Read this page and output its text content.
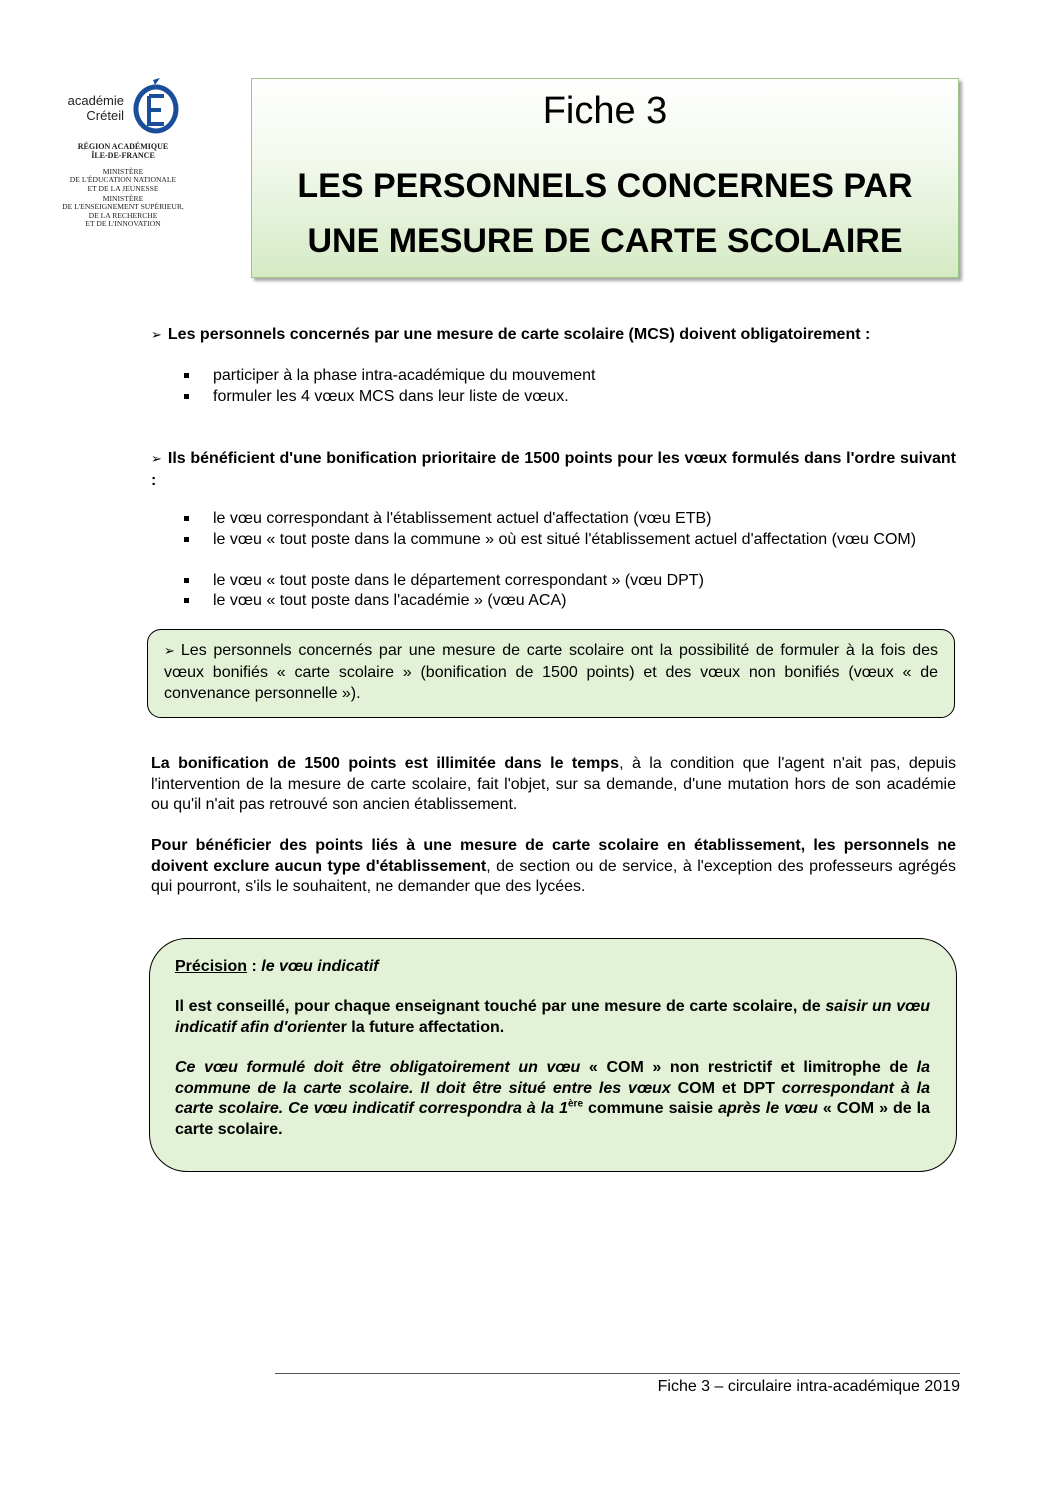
académie
Créteil
RÉGION ACADÉMIQUE
ÎLE-DE-FRANCE
MINISTÈRE
DE L'ÉDUCATION NATIONALE
ET DE LA JEUNESSE
MINISTÈRE
DE L'ENSEIGNEMENT SUPÉRIEUR,
DE LA RECHERCHE
ET DE L'INNOVATION
Fiche 3
LES PERSONNELS CONCERNES PAR
UNE MESURE DE CARTE SCOLAIRE
➢ Les personnels concernés par une mesure de carte scolaire (MCS) doivent obligatoirement :
participer à la phase intra-académique du mouvement
formuler les 4 vœux MCS dans leur liste de vœux.
➢ Ils bénéficient d'une bonification prioritaire de 1500 points pour les vœux formulés dans l'ordre suivant :
le vœu correspondant à l'établissement actuel d'affectation (vœu ETB)
le vœu « tout poste dans la commune » où est situé l'établissement actuel d'affectation (vœu COM)
le vœu « tout poste dans le département correspondant » (vœu DPT)
le vœu « tout poste dans l'académie » (vœu ACA)

➢ Les personnels concernés par une mesure de carte scolaire ont la possibilité de formuler à la fois des vœux bonifiés « carte scolaire » (bonification de 1500 points) et des vœux non bonifiés (vœux « de convenance personnelle »).

La bonification de 1500 points est illimitée dans le temps, à la condition que l'agent n'ait pas, depuis l'intervention de la mesure de carte scolaire, fait l'objet, sur sa demande, d'une mutation hors de son académie ou qu'il n'ait pas retrouvé son ancien établissement.
Pour bénéficier des points liés à une mesure de carte scolaire en établissement, les personnels ne doivent exclure aucun type d'établissement, de section ou de service, à l'exception des professeurs agrégés qui pourront, s'ils le souhaitent, ne demander que des lycées.

Précision : le vœu indicatif

Il est conseillé, pour chaque enseignant touché par une mesure de carte scolaire, de saisir un vœu indicatif afin d'orienter la future affectation.

Ce vœu formulé doit être obligatoirement un vœu « COM » non restrictif et limitrophe de la commune de la carte scolaire. Il doit être situé entre les vœux COM et DPT correspondant à la carte scolaire. Ce vœu indicatif correspondra à la 1ère commune saisie après le vœu « COM » de la carte scolaire.

Fiche 3 – circulaire intra-académique 2019
